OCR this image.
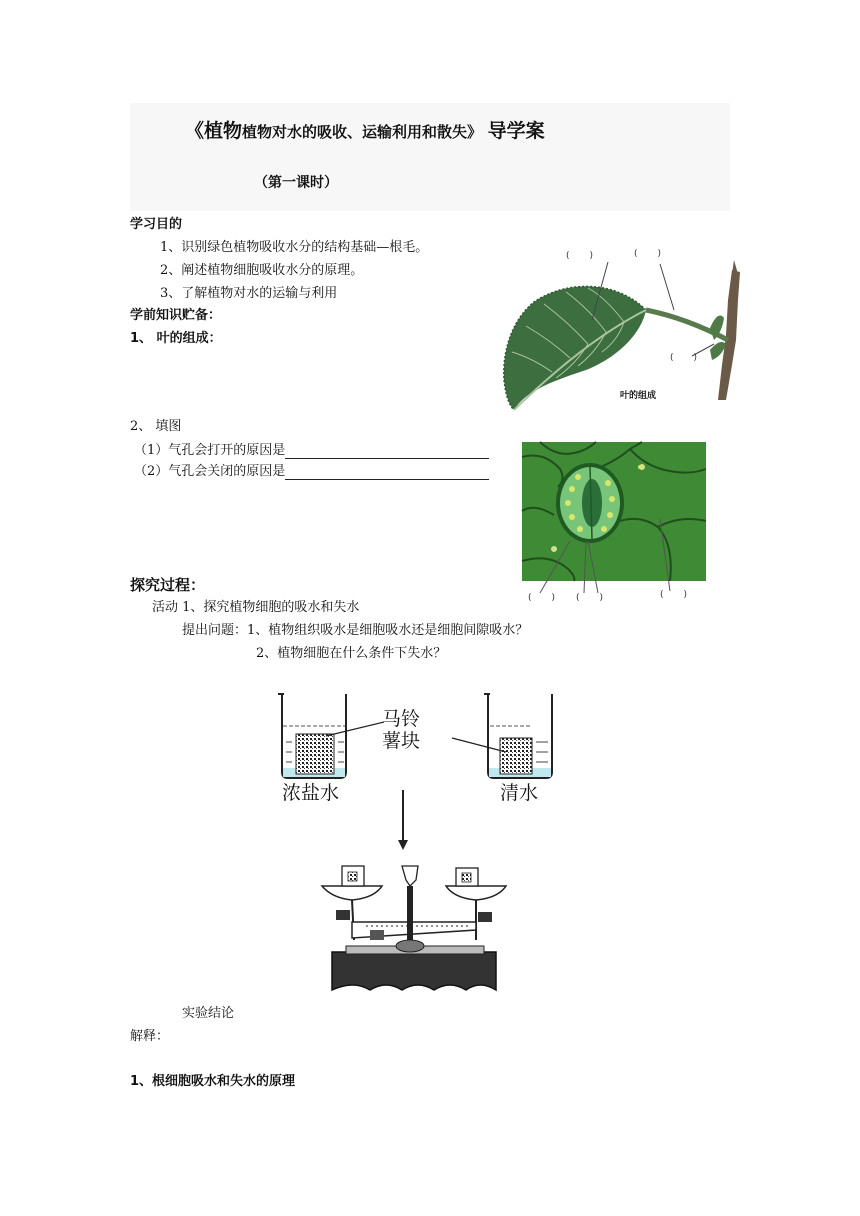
《植物植物对水的吸收、运输利用和散失》 导学案
（第一课时）
学习目的
1、识别绿色植物吸收水分的结构基础—根毛。
2、阐述植物细胞吸收水分的原理。
3、了解植物对水的运输与利用
学前知识贮备：
1、 叶的组成：
(       )	(       )
(       )
叶的组成
2、 填图
（1）气孔会打开的原因是
（2）气孔会关闭的原因是
(       ) (       )	(       )
探究过程：
活动 1、探究植物细胞的吸水和失水
提出问题：1、植物组织吸水是细胞吸水还是细胞间隙吸水？
2、植物细胞在什么条件下失水？
马铃
薯块
浓盐水	清水
实验结论
解释：
1、根细胞吸水和失水的原理
